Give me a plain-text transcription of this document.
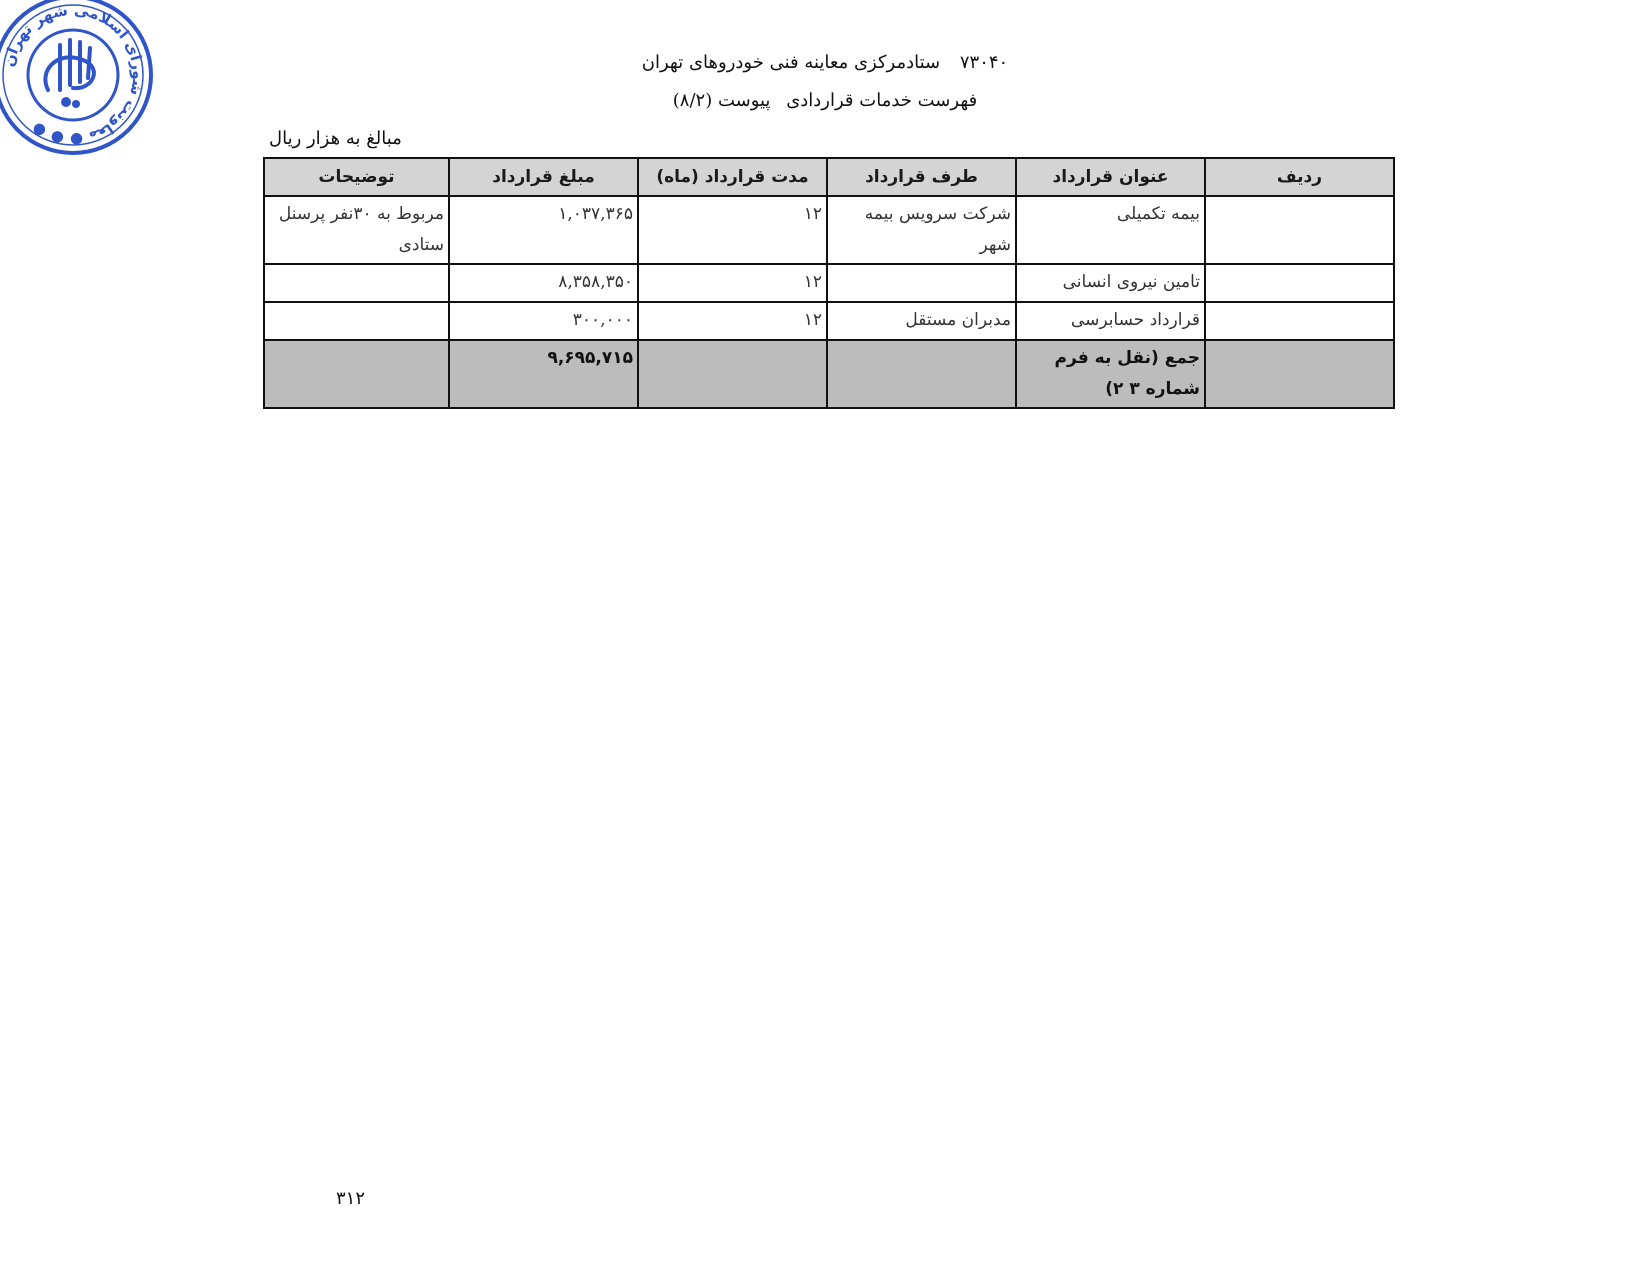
معاونت شورای اسلامی شهر تهران ● ● ●
۷۳۰۴۰ ستادمرکزی معاینه فنی خودروهای تهران
فهرست خدمات قراردادی پیوست (۸/۲)
مبالغ به هزار ریال
ردیف	عنوان قرارداد	طرف قرارداد	مدت قرارداد (ماه)	مبلغ قرارداد	توضیحات
	بیمه تکمیلی	شرکت سرویس بیمه شهر	۱۲	۱,۰۳۷,۳۶۵	مربوط به ۳۰نفر پرسنل ستادی
	تامین نیروی انسانی		۱۲	۸,۳۵۸,۳۵۰	
	قرارداد حسابرسی	مدبران مستقل	۱۲	۳۰۰,۰۰۰	
	جمع (نقل به فرم شماره ۳ ۲)			۹,۶۹۵,۷۱۵	
۳۱۲
